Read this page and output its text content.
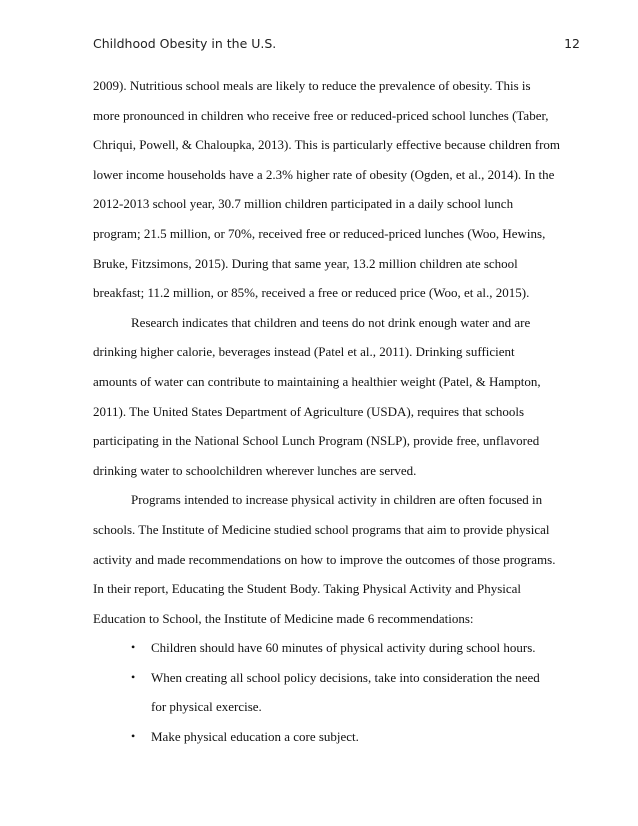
Childhood Obesity in the U.S.	12
2009). Nutritious school meals are likely to reduce the prevalence of obesity. This is
more pronounced in children who receive free or reduced-priced school lunches (Taber,
Chriqui, Powell, & Chaloupka, 2013). This is particularly effective because children from
lower income households have a 2.3% higher rate of obesity (Ogden, et al., 2014). In the
2012-2013 school year, 30.7 million children participated in a daily school lunch
program; 21.5 million, or 70%, received free or reduced-priced lunches (Woo, Hewins,
Bruke, Fitzsimons, 2015). During that same year, 13.2 million children ate school
breakfast; 11.2 million, or 85%, received a free or reduced price (Woo, et al., 2015).
Research indicates that children and teens do not drink enough water and are
drinking higher calorie, beverages instead (Patel et al., 2011). Drinking sufficient
amounts of water can contribute to maintaining a healthier weight (Patel, & Hampton,
2011). The United States Department of Agriculture (USDA), requires that schools
participating in the National School Lunch Program (NSLP), provide free, unflavored
drinking water to schoolchildren wherever lunches are served.
Programs intended to increase physical activity in children are often focused in
schools. The Institute of Medicine studied school programs that aim to provide physical
activity and made recommendations on how to improve the outcomes of those programs.
In their report, Educating the Student Body. Taking Physical Activity and Physical
Education to School, the Institute of Medicine made 6 recommendations:
• Children should have 60 minutes of physical activity during school hours.
• When creating all school policy decisions, take into consideration the need
for physical exercise.
• Make physical education a core subject.
